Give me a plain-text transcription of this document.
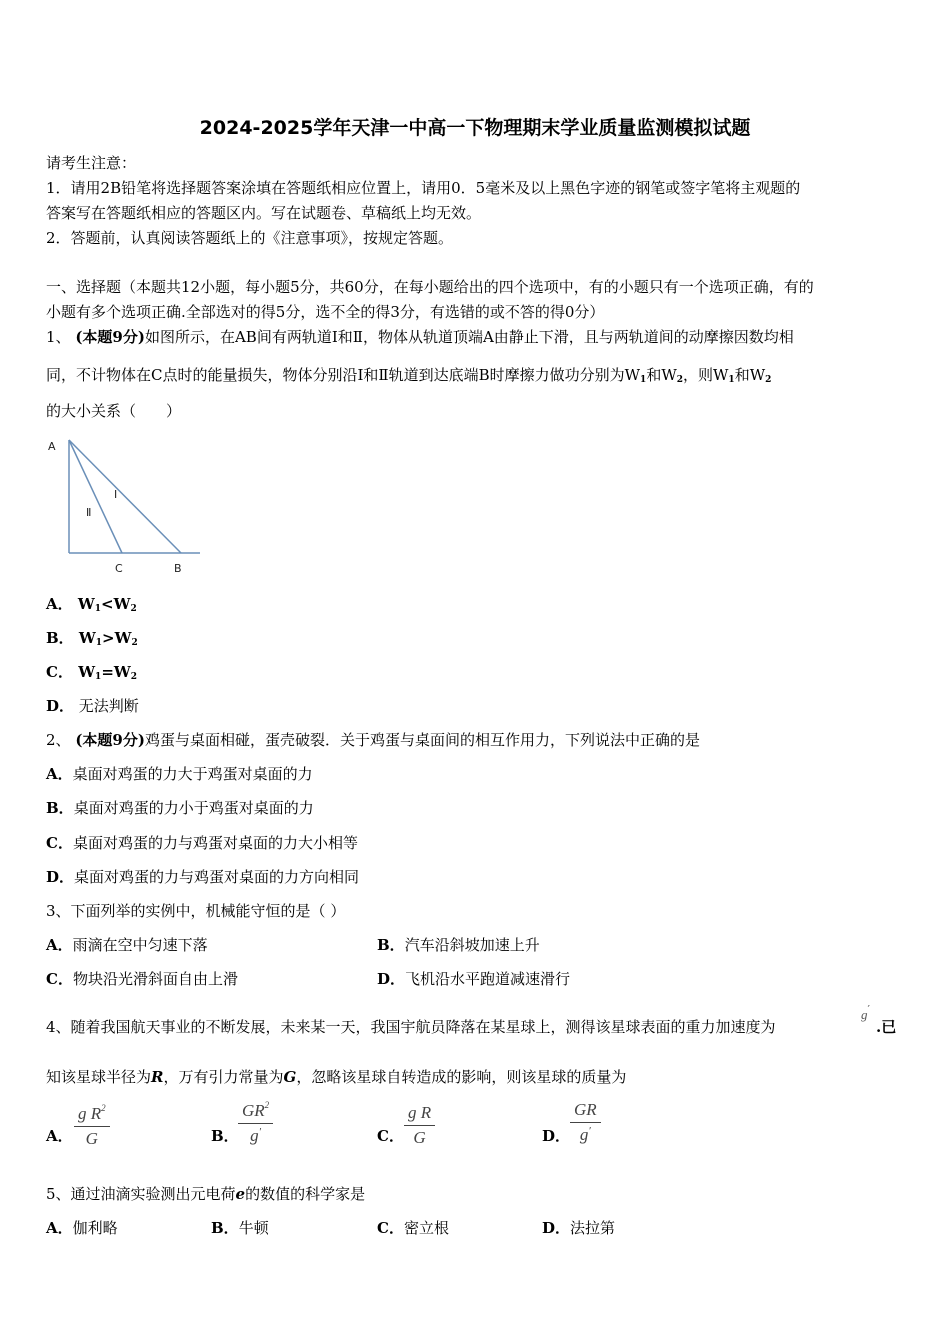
2024-2025学年天津一中高一下物理期末学业质量监测模拟试题
请考生注意：
1．请用2B铅笔将选择题答案涂填在答题纸相应位置上，请用0．5毫米及以上黑色字迹的钢笔或签字笔将主观题的
答案写在答题纸相应的答题区内。写在试题卷、草稿纸上均无效。
2．答题前，认真阅读答题纸上的《注意事项》，按规定答题。
一、选择题（本题共12小题，每小题5分，共60分，在每小题给出的四个选项中，有的小题只有一个选项正确，有的
小题有多个选项正确.全部选对的得5分，选不全的得3分，有选错的或不答的得0分）
1、 (本题9分)如图所示，在AB间有两轨道Ⅰ和Ⅱ，物体从轨道顶端A由静止下滑，且与两轨道间的动摩擦因数均相
同，不计物体在C点时的能量损失，物体分别沿Ⅰ和Ⅱ轨道到达底端B时摩擦力做功分别为$W_1$和$W_2$，则$W_1$和$W_2$
的大小关系（　　）
A
Ⅰ
Ⅱ
C	B
A． $W_1<W_2$
B． $W_1>W_2$
C． $W_1=W_2$
D． 无法判断
2、 (本题9分)鸡蛋与桌面相碰，蛋壳破裂．关于鸡蛋与桌面间的相互作用力，下列说法中正确的是
A．桌面对鸡蛋的力大于鸡蛋对桌面的力
B．桌面对鸡蛋的力小于鸡蛋对桌面的力
C．桌面对鸡蛋的力与鸡蛋对桌面的力大小相等
D．桌面对鸡蛋的力与鸡蛋对桌面的力方向相同
3、下面列举的实例中，机械能守恒的是（ ）
A．雨滴在空中匀速下落	B．汽车沿斜坡加速上升
C．物块沿光滑斜面自由上滑	D．飞机沿水平跑道减速滑行
4、随着我国航天事业的不断发展，未来某一天，我国宇航员降落在某星球上，测得该星球表面的重力加速度为
g′
.已
知该星球半径为R，万有引力常量为G，忽略该星球自转造成的影响，则该星球的质量为
A．
g $R^2$
G	B．
$GR^2$
g′	C．
g R
G	D．
GR
g′
5、通过油滴实验测出元电荷e的数值的科学家是
A．伽利略	B．牛顿	C．密立根	D．法拉第
